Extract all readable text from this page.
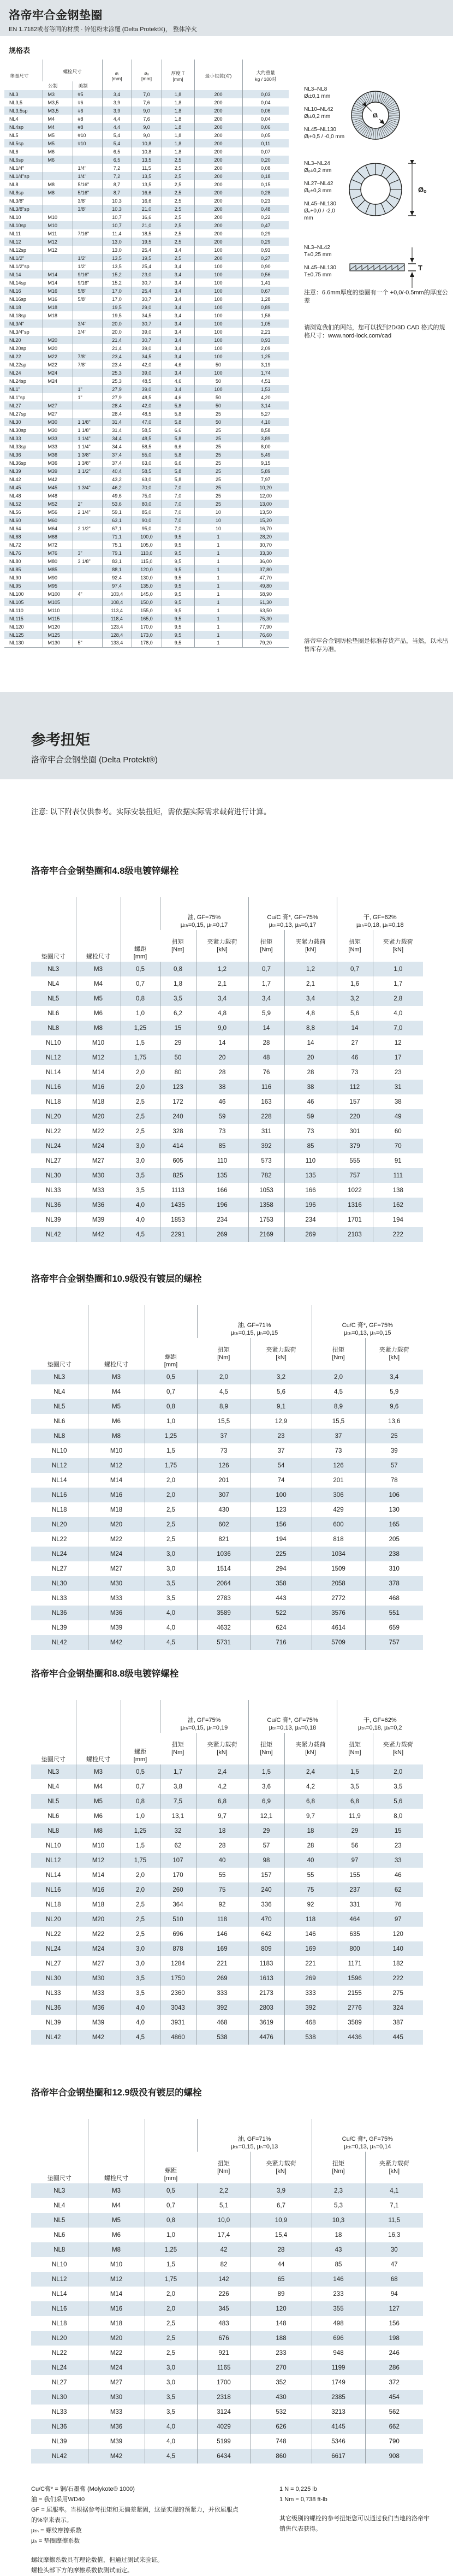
洛帝牢合金钢垫圈
EN 1.7182或者等同的材质 · 锌铝粉末涂覆 (Delta Protekt®)， 整体淬火
规格表
垫圈尺寸	螺栓尺寸	øᵢ
[mm]

øₒ
[mm]

厚度 T
[mm]
	最小包装(对)	
大约重量
kg / 100对

	公制	美制					
NL3	M3	#5	3,4	7,0	1,8	200	0,03
NL3,5	M3,5	#6	3,9	7,6	1,8	200	0,04
NL3,5sp	M3,5	#6	3,9	9,0	1,8	200	0,06
NL4	M4	#8	4,4	7,6	1,8	200	0,04
NL4sp	M4	#8	4,4	9,0	1,8	200	0,06
NL5	M5	#10	5,4	9,0	1,8	200	0,05
NL5sp	M5	#10	5,4	10,8	1,8	200	0,11
NL6	M6		6,5	10,8	1,8	200	0,07
NL6sp	M6		6,5	13,5	2,5	200	0,20
NL1/4"		1/4"	7,2	11,5	2,5	200	0,08
NL1/4"sp		1/4"	7,2	13,5	2,5	200	0,18
NL8	M8	5/16"	8,7	13,5	2,5	200	0,15
NL8sp	M8	5/16"	8,7	16,6	2,5	200	0,28
NL3/8"		3/8"	10,3	16,6	2,5	200	0,23
NL3/8"sp		3/8"	10,3	21,0	2,5	200	0,48
NL10	M10		10,7	16,6	2,5	200	0,22
NL10sp	M10		10,7	21,0	2,5	200	0,47
NL11	M11	7/16"	11,4	18,5	2,5	200	0,29
NL12	M12		13,0	19,5	2,5	200	0,29
NL12sp	M12		13,0	25,4	3,4	100	0,93
NL1/2"		1/2"	13,5	19,5	2,5	200	0,27
NL1/2"sp		1/2"	13,5	25,4	3,4	100	0,90
NL14	M14	9/16"	15,2	23,0	3,4	100	0,56
NL14sp	M14	9/16"	15,2	30,7	3,4	100	1,41
NL16	M16	5/8"	17,0	25,4	3,4	100	0,67
NL16sp	M16	5/8"	17,0	30,7	3,4	100	1,28
NL18	M18		19,5	29,0	3,4	100	0,89
NL18sp	M18		19,5	34,5	3,4	100	1,58
NL3/4"		3/4"	20,0	30,7	3,4	100	1,05
NL3/4"sp		3/4"	20,0	39,0	3,4	100	2,21
NL20	M20		21,4	30,7	3,4	100	0,93
NL20sp	M20		21,4	39,0	3,4	100	2,09
NL22	M22	7/8"	23,4	34,5	3,4	100	1,25
NL22sp	M22	7/8"	23,4	42,0	4,6	50	3,19
NL24	M24		25,3	39,0	3,4	100	1,74
NL24sp	M24		25,3	48,5	4,6	50	4,51
NL1"		1"	27,9	39,0	3,4	100	1,53
NL1"sp		1"	27,9	48,5	4,6	50	4,20
NL27	M27		28,4	42,0	5,8	50	3,14
NL27sp	M27		28,4	48,5	5,8	25	5,27
NL30	M30	1 1/8"	31,4	47,0	5,8	50	4,10
NL30sp	M30	1 1/8"	31,4	58,5	6,6	25	8,58
NL33	M33	1 1/4"	34,4	48,5	5,8	25	3,89
NL33sp	M33	1 1/4"	34,4	58,5	6,6	25	8,00
NL36	M36	1 3/8"	37,4	55,0	5,8	25	5,49
NL36sp	M36	1 3/8"	37,4	63,0	6,6	25	9,15
NL39	M39	1 1/2"	40,4	58,5	5,8	25	5,89
NL42	M42		43,2	63,0	5,8	25	7,97
NL45	M45	1 3/4"	46,2	70,0	7,0	25	10,20
NL48	M48		49,6	75,0	7,0	25	12,00
NL52	M52	2"	53,6	80,0	7,0	25	13,00
NL56	M56	2 1/4"	59,1	85,0	7,0	10	13,50
NL60	M60		63,1	90,0	7,0	10	15,20
NL64	M64	2 1/2"	67,1	95,0	7,0	10	16,70
NL68	M68		71,1	100,0	9,5	1	28,20
NL72	M72		75,1	105,0	9,5	1	30,70
NL76	M76	3"	79,1	110,0	9,5	1	33,30
NL80	M80	3 1/8"	83,1	115,0	9,5	1	36,00
NL85	M85		88,1	120,0	9,5	1	37,80
NL90	M90		92,4	130,0	9,5	1	47,70
NL95	M95		97,4	135,0	9,5	1	49,80
NL100	M100	4"	103,4	145,0	9,5	1	58,90
NL105	M105		108,4	150,0	9,5	1	61,30
NL110	M110		113,4	155,0	9,5	1	63,50
NL115	M115		118,4	165,0	9,5	1	75,30
NL120	M120		123,4	170,0	9,5	1	77,90
NL125	M125		128,4	173,0	9,5	1	76,60
NL130	M130	5"	133,4	178,0	9,5	1	79,20
NL3–NL8
Øᵢ±0,1 mm
NL10–NL42
Øᵢ±0,2 mm
NL45–NL130
Øᵢ+0,5 / -0,0 mm
Øᵢ
NL3–NL24
Øₒ±0,2 mm
NL27–NL42
Øₒ±0,3 mm
NL45–NL130
Øₒ+0,0 / -2,0 mm
Øₒ
NL3–NL42
T±0,25 mm
NL45–NL130
T±0,75 mm
T
注意：6.6mm厚度的垫圈有一个 +0,0/-0.5mm的厚度公差
请浏览我们的网站，您可以找到2D/3D CAD 格式的规格尺寸：www.nord-lock.com/cad
洛帝牢合金钢防松垫圈是标准存货产品，当然，以未出售库存为准。
参考扭矩
洛帝牢合金钢垫圈 (Delta Protekt®)
注意: 以下附表仅供参考。实际安装扭矩，需依据实际需求载荷进行计算。
洛帝牢合金钢垫圈和4.8级电镀锌螺栓
垫圈尺寸	螺栓尺寸	
螺距
[mm]

油, GF=75%
µₜₕ=0,15, µₕ=0,17

Cu/C 膏*, GF=75%
µₜₕ=0,13, µₕ=0,17

干, GF=62%
µₜₕ=0,18, µₕ=0,18

扭矩
[Nm]

夹紧力载荷
[kN]

扭矩
[Nm]

夹紧力载荷
[kN]

扭矩
[Nm]

夹紧力载荷
[kN]

NL3	M3	0,5	0,8	1,2	0,7	1,2	0,7	1,0
NL4	M4	0,7	1,8	2,1	1,7	2,1	1,6	1,7
NL5	M5	0,8	3,5	3,4	3,4	3,4	3,2	2,8
NL6	M6	1,0	6,2	4,8	5,9	4,8	5,6	4,0
NL8	M8	1,25	15	9,0	14	8,8	14	7,0
NL10	M10	1,5	29	14	28	14	27	12
NL12	M12	1,75	50	20	48	20	46	17
NL14	M14	2,0	80	28	76	28	73	23
NL16	M16	2,0	123	38	116	38	112	31
NL18	M18	2,5	172	46	163	46	157	38
NL20	M20	2,5	240	59	228	59	220	49
NL22	M22	2,5	328	73	311	73	301	60
NL24	M24	3,0	414	85	392	85	379	70
NL27	M27	3,0	605	110	573	110	555	91
NL30	M30	3,5	825	135	782	135	757	111
NL33	M33	3,5	1113	166	1053	166	1022	138
NL36	M36	4,0	1435	196	1358	196	1316	162
NL39	M39	4,0	1853	234	1753	234	1701	194
NL42	M42	4,5	2291	269	2169	269	2103	222
洛帝牢合金钢垫圈和10.9级没有镀层的螺栓
垫圈尺寸	螺栓尺寸	
螺距
[mm]

油, GF=71%
µₜₕ=0,15, µₕ=0,15

Cu/C 膏*, GF=75%
µₜₕ=0,13, µₕ=0,15

扭矩
[Nm]

夹紧力载荷
[kN]

扭矩
[Nm]

夹紧力载荷
[kN]

NL3	M3	0,5	2,0	3,2	2,0	3,4
NL4	M4	0,7	4,5	5,6	4,5	5,9
NL5	M5	0,8	8,9	9,1	8,9	9,6
NL6	M6	1,0	15,5	12,9	15,5	13,6
NL8	M8	1,25	37	23	37	25
NL10	M10	1,5	73	37	73	39
NL12	M12	1,75	126	54	126	57
NL14	M14	2,0	201	74	201	78
NL16	M16	2,0	307	100	306	106
NL18	M18	2,5	430	123	429	130
NL20	M20	2,5	602	156	600	165
NL22	M22	2,5	821	194	818	205
NL24	M24	3,0	1036	225	1034	238
NL27	M27	3,0	1514	294	1509	310
NL30	M30	3,5	2064	358	2058	378
NL33	M33	3,5	2783	443	2772	468
NL36	M36	4,0	3589	522	3576	551
NL39	M39	4,0	4632	624	4614	659
NL42	M42	4,5	5731	716	5709	757
洛帝牢合金钢垫圈和8.8级电镀锌螺栓
垫圈尺寸	螺栓尺寸	
螺距
[mm]

油, GF=75%
µₜₕ=0,15, µₕ=0,19

Cu/C 膏*, GF=75%
µₜₕ=0,13, µₕ=0,18

干, GF=62%
µₜₕ=0,18, µₕ=0,2

扭矩
[Nm]

夹紧力载荷
[kN]

扭矩
[Nm]

夹紧力载荷
[kN]

扭矩
[Nm]

夹紧力载荷
[kN]

NL3	M3	0,5	1,7	2,4	1,5	2,4	1,5	2,0
NL4	M4	0,7	3,8	4,2	3,6	4,2	3,5	3,5
NL5	M5	0,8	7,5	6,8	6,9	6,8	6,8	5,6
NL6	M6	1,0	13,1	9,7	12,1	9,7	11,9	8,0
NL8	M8	1,25	32	18	29	18	29	15
NL10	M10	1,5	62	28	57	28	56	23
NL12	M12	1,75	107	40	98	40	97	33
NL14	M14	2,0	170	55	157	55	155	46
NL16	M16	2,0	260	75	240	75	237	62
NL18	M18	2,5	364	92	336	92	331	76
NL20	M20	2,5	510	118	470	118	464	97
NL22	M22	2,5	696	146	642	146	635	120
NL24	M24	3,0	878	169	809	169	800	140
NL27	M27	3,0	1284	221	1183	221	1171	182
NL30	M30	3,5	1750	269	1613	269	1596	222
NL33	M33	3,5	2360	333	2173	333	2155	275
NL36	M36	4,0	3043	392	2803	392	2776	324
NL39	M39	4,0	3931	468	3619	468	3589	387
NL42	M42	4,5	4860	538	4476	538	4436	445
洛帝牢合金钢垫圈和12.9级没有镀层的螺栓
垫圈尺寸	螺栓尺寸	
螺距
[mm]

油, GF=71%
µₜₕ=0,15, µₕ=0,13

Cu/C 膏*, GF=75%
µₜₕ=0,13, µₕ=0,14

扭矩
[Nm]

夹紧力载荷
[kN]

扭矩
[Nm]

夹紧力载荷
[kN]

NL3	M3	0,5	2,2	3,9	2,3	4,1
NL4	M4	0,7	5,1	6,7	5,3	7,1
NL5	M5	0,8	10,0	10,9	10,3	11,5
NL6	M6	1,0	17,4	15,4	18	16,3
NL8	M8	1,25	42	28	43	30
NL10	M10	1,5	82	44	85	47
NL12	M12	1,75	142	65	146	68
NL14	M14	2,0	226	89	233	94
NL16	M16	2,0	345	120	355	127
NL18	M18	2,5	483	148	498	156
NL20	M20	2,5	676	188	696	198
NL22	M22	2,5	921	233	948	246
NL24	M24	3,0	1165	270	1199	286
NL27	M27	3,0	1700	352	1749	372
NL30	M30	3,5	2318	430	2385	454
NL33	M33	3,5	3124	532	3213	562
NL36	M36	4,0	4029	626	4145	662
NL39	M39	4,0	5199	748	5346	790
NL42	M42	4,5	6434	860	6617	908
Cu/C膏* = 铜/石墨膏 (Molykote® 1000)
油 = 我们采用WD40
GF = 屈服率。当根据参考扭矩和无偏差紧固，这是实现的预紧力，并依屈服点的%率来表示。
µₜₕ = 螺纹摩擦系数
µₕ = 垫圈摩擦系数
螺纹摩擦系数具有理论数值，但通过测试来验证。
螺栓头部下方的摩擦系数依测试而定。
1 N = 0,225 lb
1 Nm = 0,738 ft-lb
其它级别的螺栓的参考扭矩您可以通过我们当地的洛帝牢销售代表获得。
